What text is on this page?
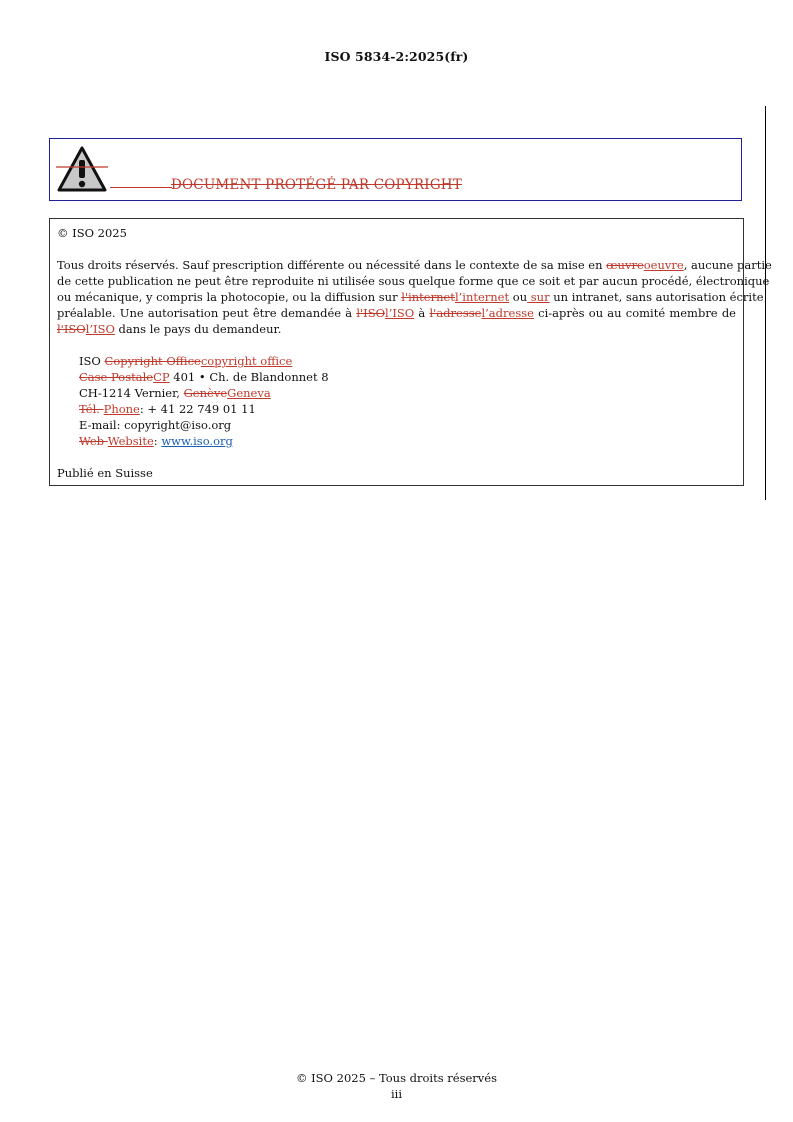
ISO 5834-2:2025(fr)
DOCUMENT PROTÉGÉ PAR COPYRIGHT
© ISO 2025
Tous droits réservés. Sauf prescription différente ou nécessité dans le contexte de sa mise en œuvreoeuvre, aucune partie
de cette publication ne peut être reproduite ni utilisée sous quelque forme que ce soit et par aucun procédé, électronique
ou mécanique, y compris la photocopie, ou la diffusion sur l'internetl’internet ou sur un intranet, sans autorisation écrite
préalable. Une autorisation peut être demandée à l'ISOl’ISO à l'adressel’adresse ci-après ou au comité membre de
l'ISOl’ISO dans le pays du demandeur.
ISO Copyright Officecopyright office
Case PostaleCP 401 • Ch. de Blandonnet 8
CH-1214 Vernier, GenèveGeneva
Tél. Phone: + 41 22 749 01 11
E-mail: copyright@iso.org
Web Website: www.iso.org
Publié en Suisse
© ISO 2025 – Tous droits réservés
iii
